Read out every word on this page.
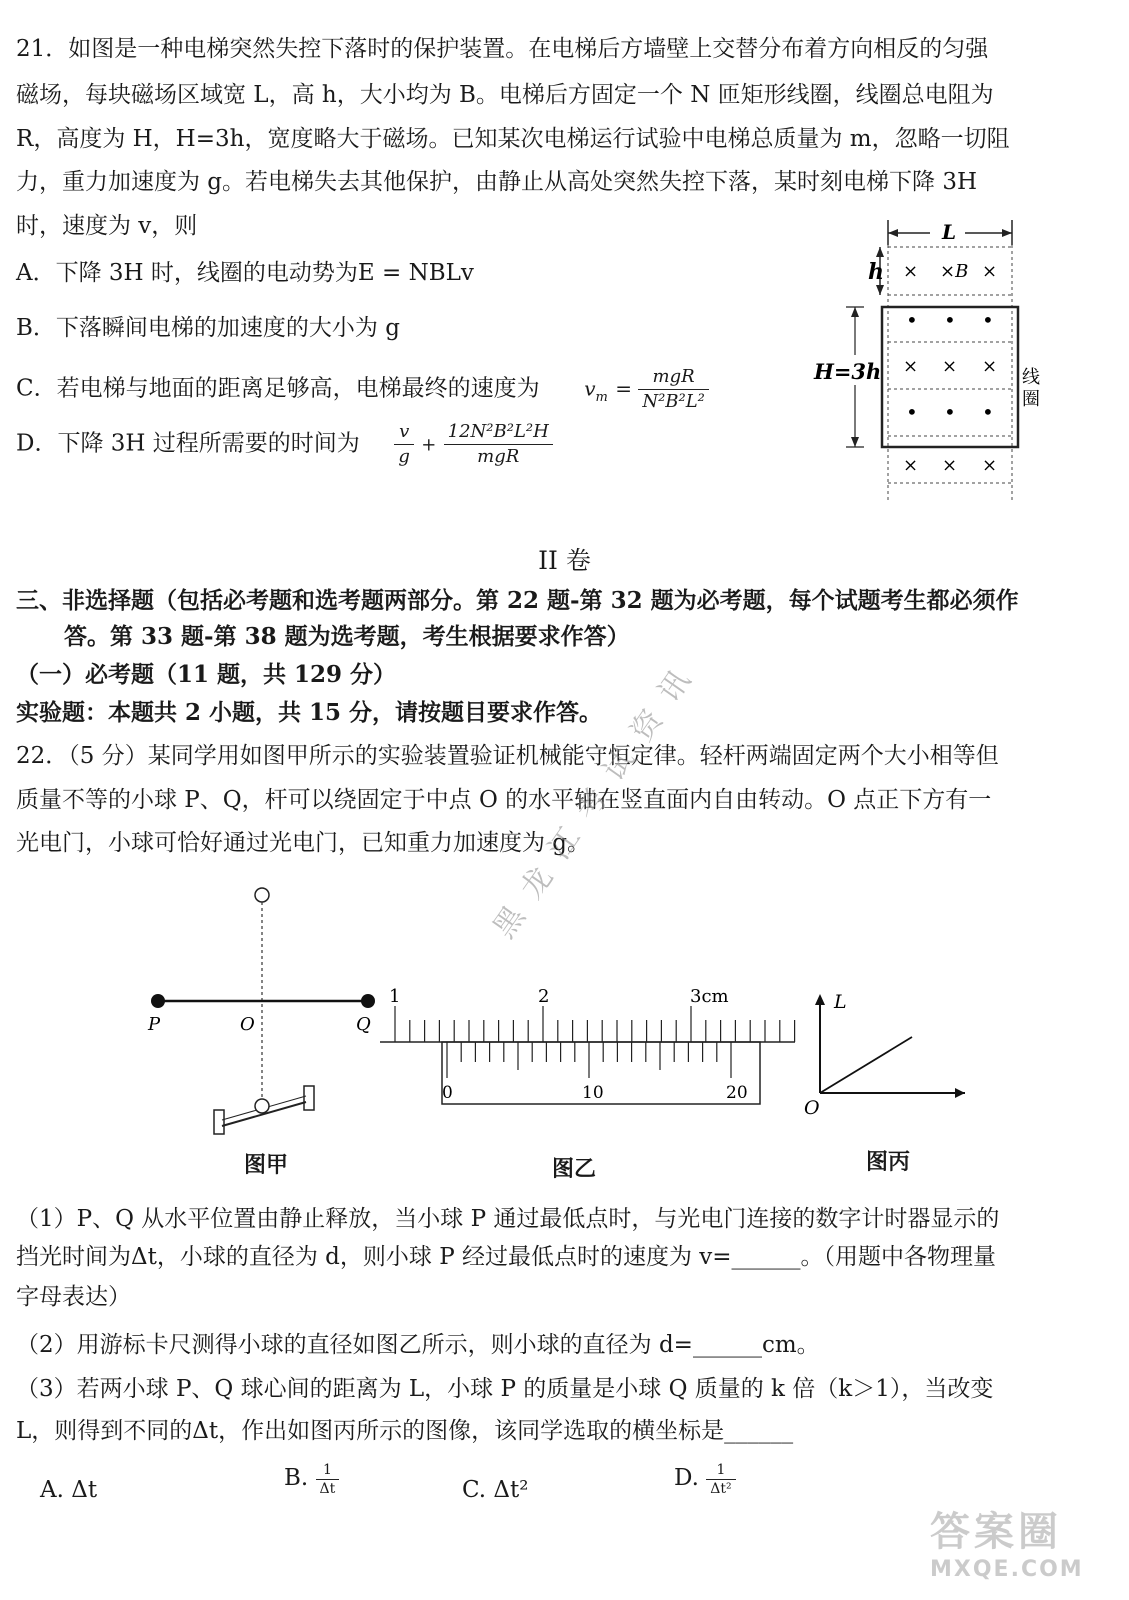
21．如图是一种电梯突然失控下落时的保护装置。在电梯后方墙壁上交替分布着方向相反的匀强

磁场，每块磁场区域宽 L，高 h，大小均为 B。电梯后方固定一个 N 匝矩形线圈，线圈总电阻为

R，高度为 H，H=3h，宽度略大于磁场。已知某次电梯运行试验中电梯总质量为 m，忽略一切阻

力，重力加速度为 g。若电梯失去其他保护，由静止从高处突然失控下落，某时刻电梯下降 3H

时，速度为 v，则

A．下降 3H 时，线圈的电动势为E = NBLv
B．下落瞬间电梯的加速度的大小为 g
C．若电梯与地面的距离足够高，电梯最终的速度为 $v_m = \frac{\text{mgR}}{\text{N²B²L²}}$
D．下降 3H 过程所需要的时间为 $\frac{v}{g} + \frac{\text{12N²B²L²H}}{\text{mgR}}$
L
h
H=3h	线
圈
× ×B ×
• • •
× × ×
• • •
× × ×
II 卷

三、非选择题（包括必考题和选考题两部分。第 22 题-第 32 题为必考题，每个试题考生都必须作

答。第 33 题-第 38 题为选考题，考生根据要求作答）

（一）必考题（11 题，共 129 分）

实验题：本题共 2 小题，共 15 分，请按题目要求作答。

22．（5 分）某同学用如图甲所示的实验装置验证机械能守恒定律。轻杆两端固定两个大小相等但

质量不等的小球 P、Q，杆可以绕固定于中点 O 的水平轴在竖直面内自由转动。O 点正下方有一

光电门，小球可恰好通过光电门，已知重力加速度为 g。

P	O	Q
图甲
1	2	3cm
0	10	20
图乙
L
O
图丙

（1）P、Q 从水平位置由静止释放，当小球 P 通过最低点时，与光电门连接的数字计时器显示的

挡光时间为Δt，小球的直径为 d，则小球 P 经过最低点时的速度为 v=______。（用题中各物理量

字母表达）

（2）用游标卡尺测得小球的直径如图乙所示，则小球的直径为 d=______cm。

（3）若两小球 P、Q 球心间的距离为 L，小球 P 的质量是小球 Q 质量的 k 倍（k＞1），当改变

L，则得到不同的Δt，作出如图丙所示的图像，该同学选取的横坐标是______

A. Δt	B. $\frac{1}{\Delta t}$	C. Δt²	D. $\frac{1}{\text{Δt²}}$
黑龙江考试资讯
答案圈
MXQE.COM
